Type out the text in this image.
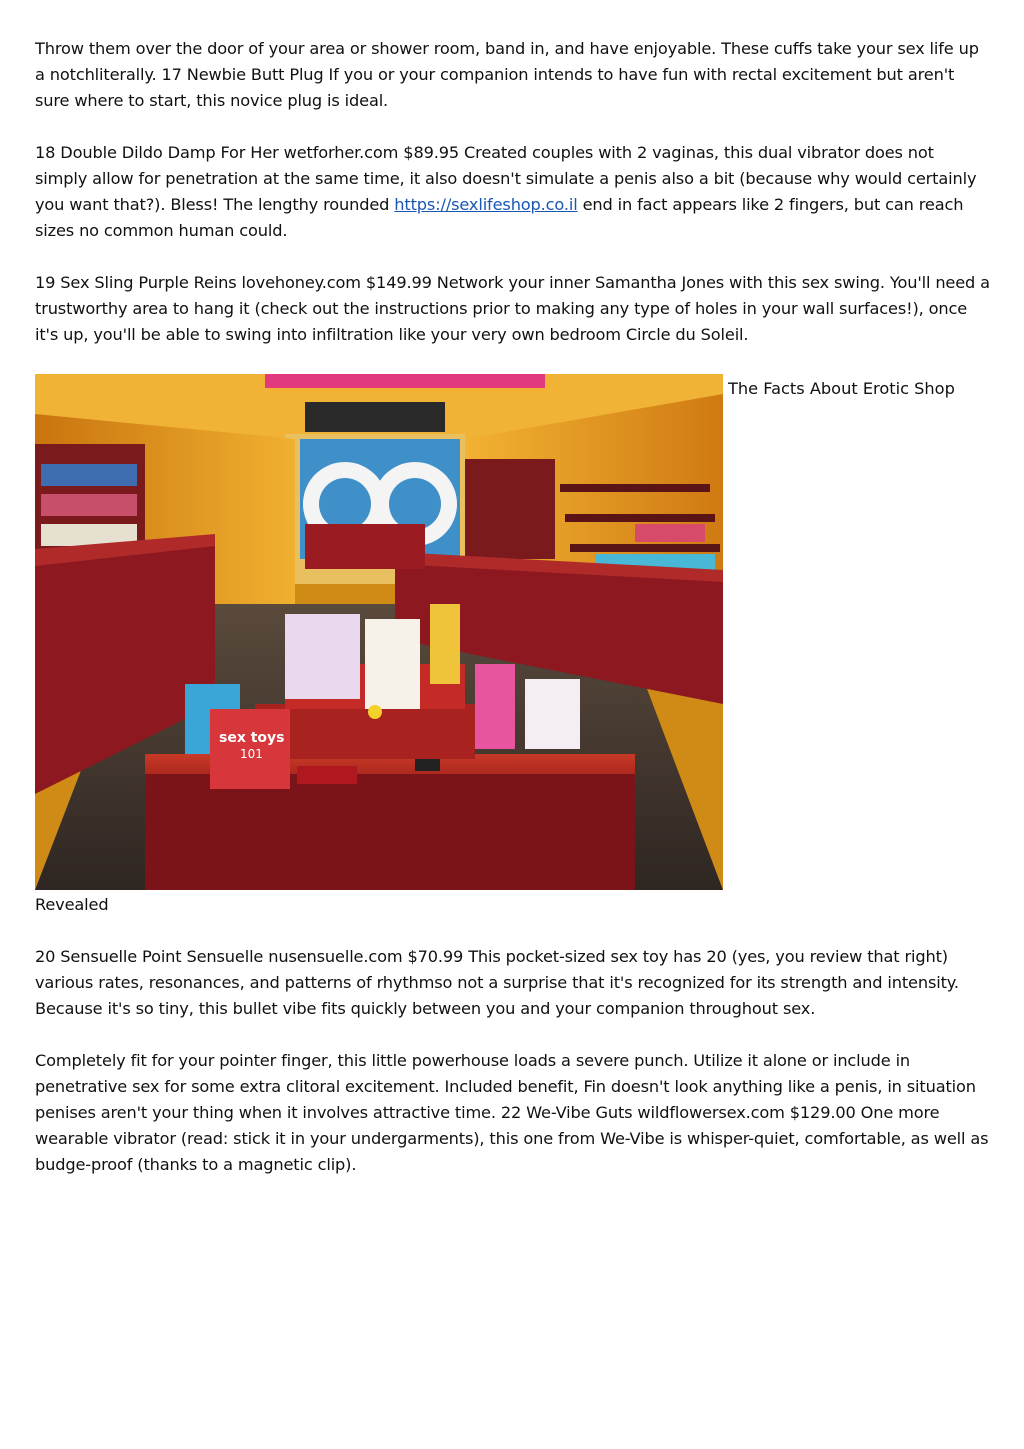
Throw them over the door of your area or shower room, band in, and have enjoyable. These cuffs take your sex life up a notchliterally. 17 Newbie Butt Plug If you or your companion intends to have fun with rectal excitement but aren't sure where to start, this novice plug is ideal.

18 Double Dildo Damp For Her wetforher.com $89.95 Created couples with 2 vaginas, this dual vibrator does not simply allow for penetration at the same time, it also doesn't simulate a penis also a bit (because why would certainly you want that?). Bless! The lengthy rounded https://sexlifeshop.co.il end in fact appears like 2 fingers, but can reach sizes no common human could.

19 Sex Sling Purple Reins lovehoney.com $149.99 Network your inner Samantha Jones with this sex swing. You'll need a trustworthy area to hang it (check out the instructions prior to making any type of holes in your wall surfaces!), once it's up, you'll be able to swing into infiltration like your very own bedroom Circle du Soleil.

sex toys
101
The Facts About Erotic Shop

Revealed

20 Sensuelle Point Sensuelle nusensuelle.com $70.99 This pocket-sized sex toy has 20 (yes, you review that right) various rates, resonances, and patterns of rhythmso not a surprise that it's recognized for its strength and intensity. Because it's so tiny, this bullet vibe fits quickly between you and your companion throughout sex.

Completely fit for your pointer finger, this little powerhouse loads a severe punch. Utilize it alone or include in penetrative sex for some extra clitoral excitement. Included benefit, Fin doesn't look anything like a penis, in situation penises aren't your thing when it involves attractive time. 22 We-Vibe Guts wildflowersex.com $129.00 One more wearable vibrator (read: stick it in your undergarments), this one from We-Vibe is whisper-quiet, comfortable, as well as budge-proof (thanks to a magnetic clip).
